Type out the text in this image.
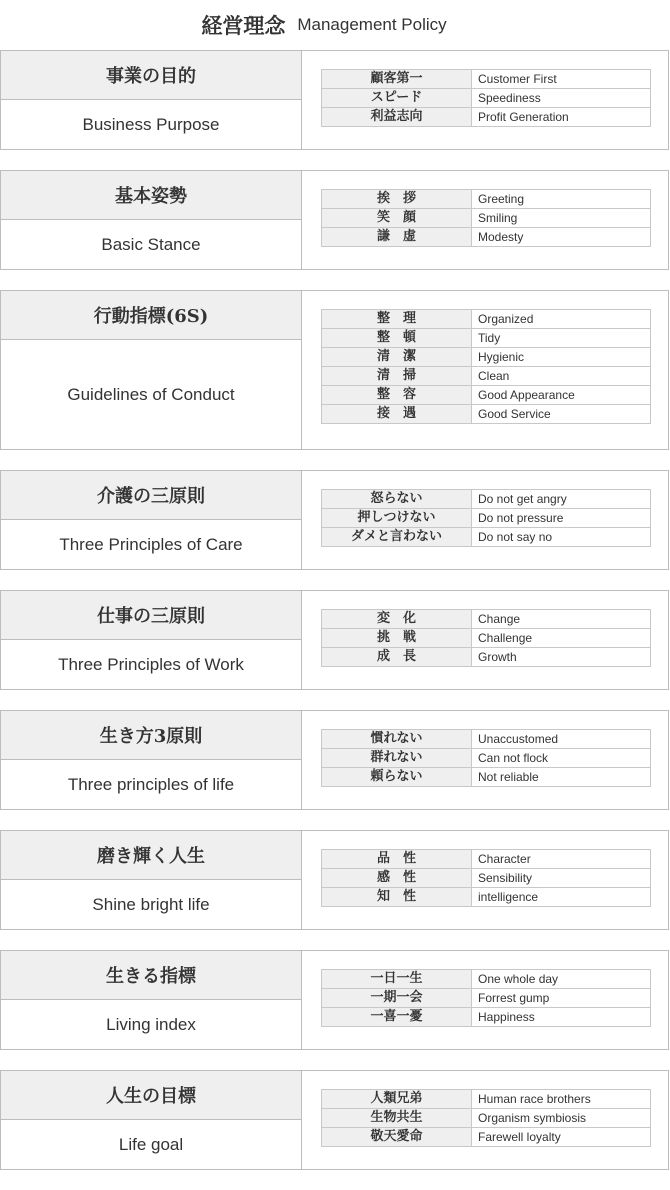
経営理念 Management Policy
事業の目的
Business Purpose
顧客第一	Customer First
スピード	Speediness
利益志向	Profit Generation
基本姿勢
Basic Stance
挨　拶	Greeting
笑　顔	Smiling
謙　虚	Modesty
行動指標(6S)
Guidelines of Conduct
整　理	Organized
整　頓	Tidy
清　潔	Hygienic
清　掃	Clean
整　容	Good Appearance
接　遇	Good Service
介護の三原則
Three Principles of Care
怒らない	Do not get angry
押しつけない	Do not pressure
ダメと言わない	Do not say no
仕事の三原則
Three Principles of Work
変　化	Change
挑　戦	Challenge
成　長	Growth
生き方3原則
Three principles of life
慣れない	Unaccustomed
群れない	Can not flock
頼らない	Not reliable
磨き輝く人生
Shine bright life
品　性	Character
感　性	Sensibility
知　性	intelligence
生きる指標
Living index
一日一生	One whole day
一期一会	Forrest gump
一喜一憂	Happiness
人生の目標
Life goal
人類兄弟	Human race brothers
生物共生	Organism symbiosis
敬天愛命	Farewell loyalty
